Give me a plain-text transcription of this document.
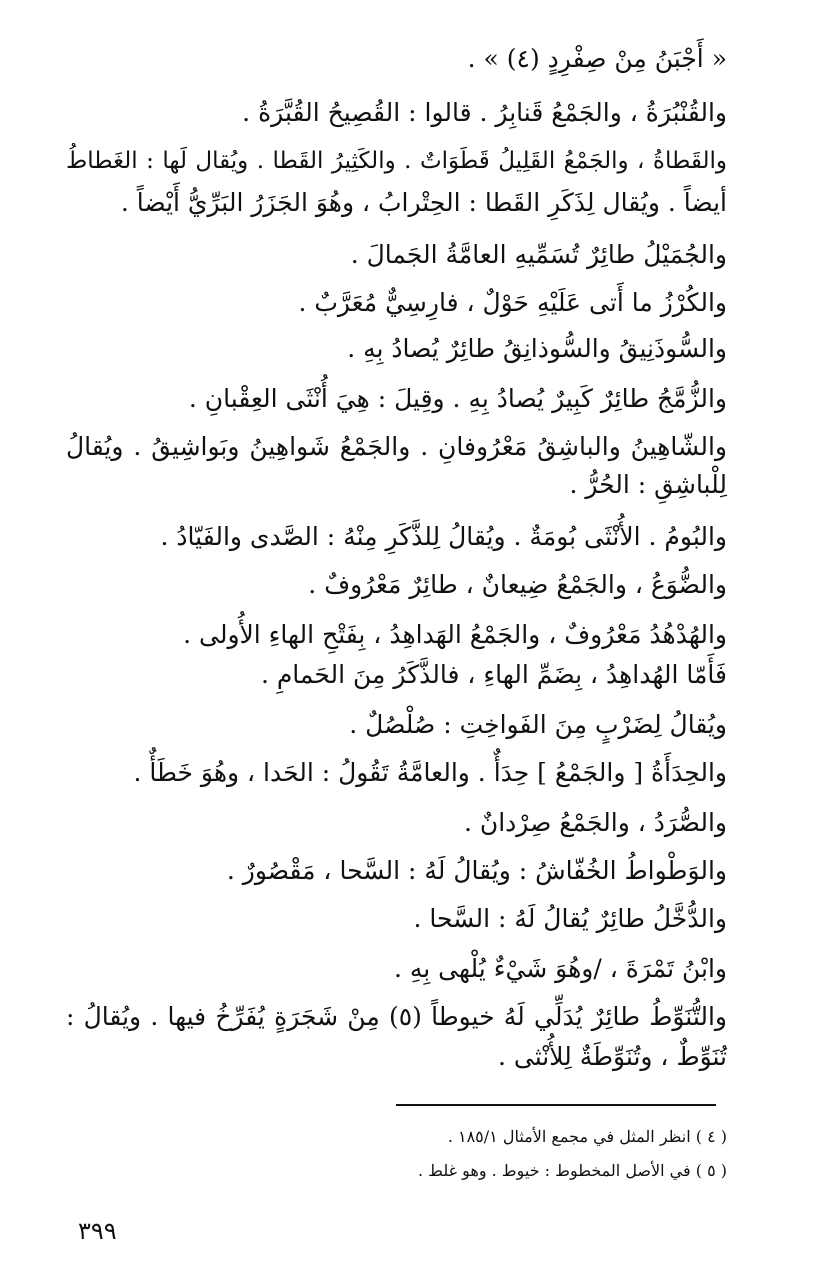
« أَجْبَنُ مِنْ صِفْرِدٍ (٤) » .
والقُنْبُرَةُ ، والجَمْعُ قَنابِرُ . قالوا : القُصِيحُ القُبَّرَةُ .
والقَطاةُ ، والجَمْعُ القَلِيلُ قَطَوَاتٌ . والكَثِيرُ القَطا . ويُقال لَها : الغَطاطُ
أيضاً . ويُقال لِذَكَرِ القَطا : الحِتْرابُ ، وهُوَ الجَزَرُ البَرِّيُّ أَيْضاً .
والجُمَيْلُ طائِرٌ تُسَمِّيهِ العامَّةُ الجَمالَ .
والكُرْزُ ما أَتى عَلَيْهِ حَوْلٌ ، فارِسِيٌّ مُعَرَّبٌ .
والسُّوذَنِيقُ والسُّوذانِقُ طائِرٌ يُصادُ بِهِ .
والزُّمَّجُ طائِرٌ كَبِيرٌ يُصادُ بِهِ . وقِيلَ : هِيَ أُنْثَى العِقْبانِ .
والشّاهِينُ والباشِقُ مَعْرُوفانِ . والجَمْعُ شَواهِينُ وبَواشِيقُ . ويُقالُ
لِلْباشِقِ : الحُرُّ .
والبُومُ . الأُنْثَى بُومَةٌ . ويُقالُ لِلذَّكَرِ مِنْهُ : الصَّدى والفَيّادُ .
والضُّوَعُ ، والجَمْعُ ضِيعانٌ ، طائِرٌ مَعْرُوفٌ .
والهُدْهُدُ مَعْرُوفٌ ، والجَمْعُ الهَداهِدُ ، بِفَتْحِ الهاءِ الأُولى .
فَأَمّا الهُداهِدُ ، بِضَمِّ الهاءِ ، فالذَّكَرُ مِنَ الحَمامِ .
ويُقالُ لِضَرْبٍ مِنَ الفَواخِتِ : صُلْصُلٌ .
والحِدَأَةُ [ والجَمْعُ ] حِدَأٌ . والعامَّةُ تَقُولُ : الحَدا ، وهُوَ خَطَأٌ .
والصُّرَدُ ، والجَمْعُ صِرْدانٌ .
والوَطْواطُ الخُفّاشُ : ويُقالُ لَهُ : السَّحا ، مَقْصُورٌ .
والدُّخَّلُ طائِرٌ يُقالُ لَهُ : السَّحا .
وابْنُ تَمْرَةَ ، /وهُوَ شَيْءٌ يُلْهى بِهِ .
والتُّنَوِّطُ طائِرٌ يُدَلِّي لَهُ خيوطاً (٥) مِنْ شَجَرَةٍ يُفَرِّخُ فيها . ويُقالُ :
تُنَوِّطٌ ، وتُنَوِّطَةٌ لِلأُنْثى .
( ٤ ) انظر المثل في مجمع الأمثال ١٨٥/١ .
( ٥ ) في الأصل المخطوط : خيوط . وهو غلط .
٣٩٩
